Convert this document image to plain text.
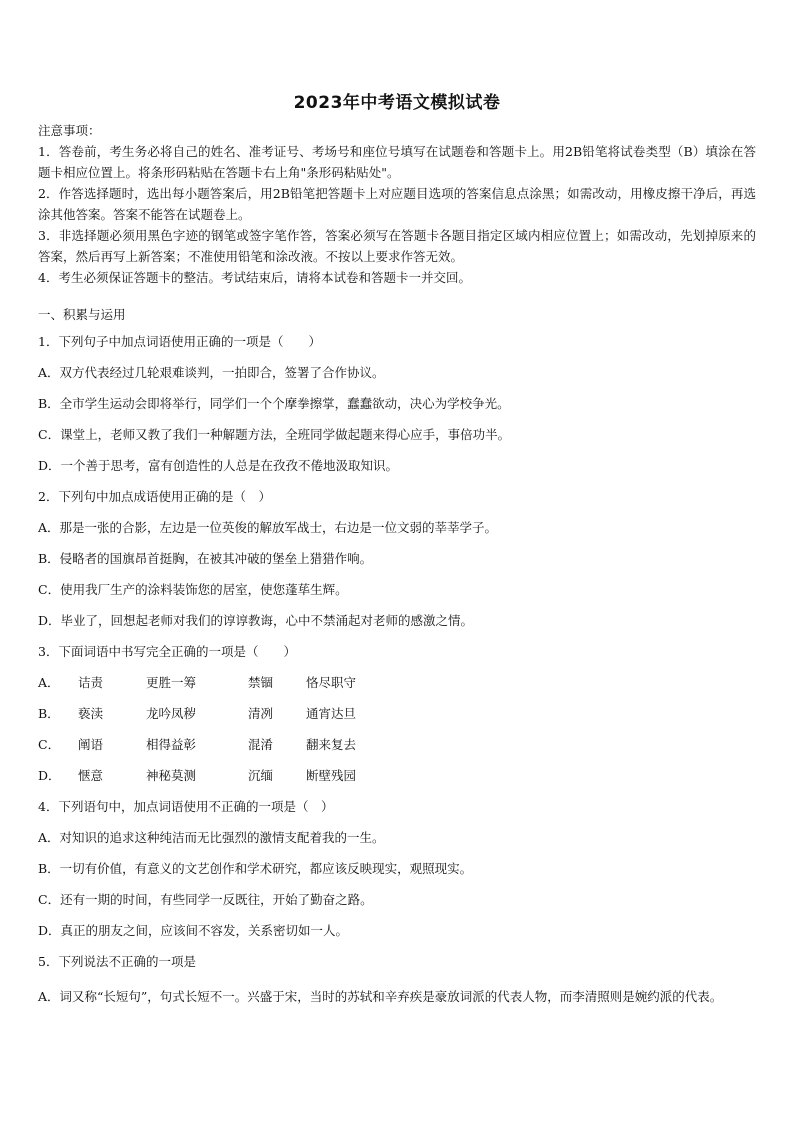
2023年中考语文模拟试卷
注意事项：
1．答卷前，考生务必将自己的姓名、准考证号、考场号和座位号填写在试题卷和答题卡上。用2B铅笔将试卷类型（B）填涂在答题卡相应位置上。将条形码粘贴在答题卡右上角"条形码粘贴处"。
2．作答选择题时，选出每小题答案后，用2B铅笔把答题卡上对应题目选项的答案信息点涂黑；如需改动，用橡皮擦干净后，再选涂其他答案。答案不能答在试题卷上。
3．非选择题必须用黑色字迹的钢笔或签字笔作答，答案必须写在答题卡各题目指定区域内相应位置上；如需改动，先划掉原来的答案，然后再写上新答案；不准使用铅笔和涂改液。不按以上要求作答无效。
4．考生必须保证答题卡的整洁。考试结束后，请将本试卷和答题卡一并交回。
一、积累与运用
1．下列句子中加点词语使用正确的一项是（　　）
A．双方代表经过几轮艰难谈判，一拍即合，签署了合作协议。
B．全市学生运动会即将举行，同学们一个个摩拳擦掌，蠢蠢欲动，决心为学校争光。
C．课堂上，老师又教了我们一种解题方法，全班同学做起题来得心应手，事倍功半。
D．一个善于思考，富有创造性的人总是在孜孜不倦地汲取知识。
2．下列句中加点成语使用正确的是（　）
A．那是一张的合影，左边是一位英俊的解放军战士，右边是一位文弱的莘莘学子。
B．侵略者的国旗昂首挺胸，在被其冲破的堡垒上猎猎作响。
C．使用我厂生产的涂料装饰您的居室，使您蓬荜生辉。
D．毕业了，回想起老师对我们的谆谆教诲，心中不禁涌起对老师的感激之情。
3．下面词语中书写完全正确的一项是（　　）
A．	诘责	更胜一筹	禁锢	恪尽职守
B．	亵渎	龙吟凤秽	清冽	通宵达旦
C．	阐语	相得益彰	混淆	翻来复去
D．	惬意	神秘莫测	沉缅	断壁残园
4．下列语句中，加点词语使用不正确的一项是（　）
A．对知识的追求这种纯洁而无比强烈的激情支配着我的一生。
B．一切有价值，有意义的文艺创作和学术研究，都应该反映现实，观照现实。
C．还有一期的时间，有些同学一反既往，开始了勤奋之路。
D．真正的朋友之间，应该间不容发，关系密切如一人。
5．下列说法不正确的一项是
A．词又称“长短句”，句式长短不一。兴盛于宋，当时的苏轼和辛弃疾是豪放词派的代表人物，而李清照则是婉约派的代表。
